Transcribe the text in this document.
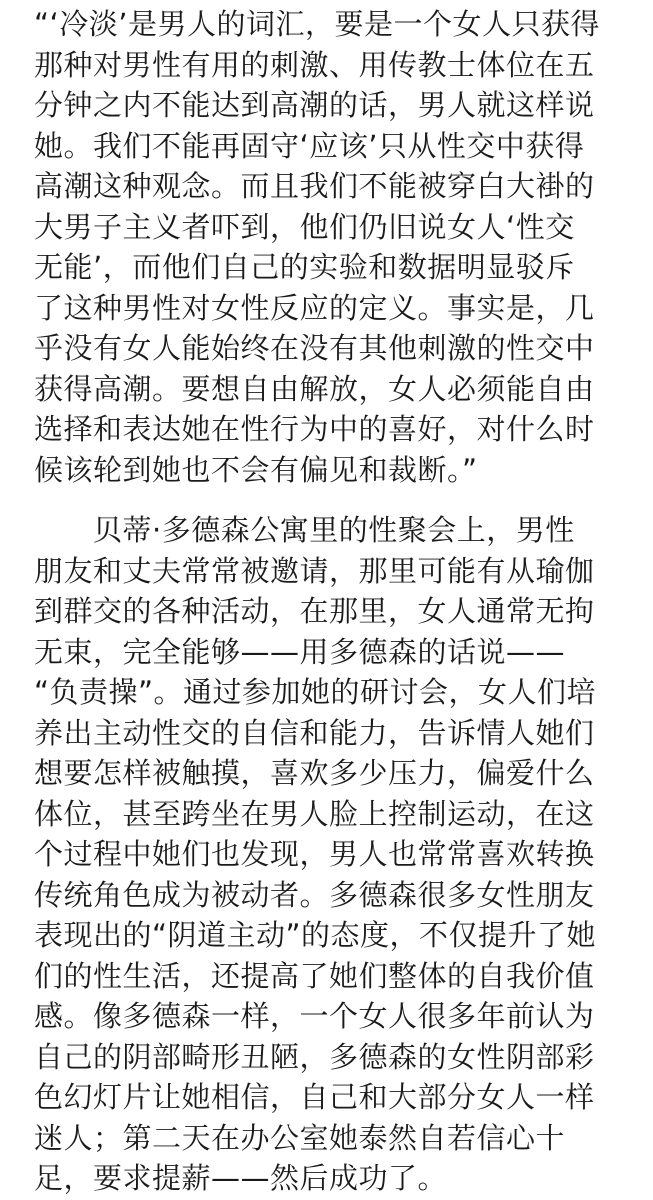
“‘冷淡’是男人的词汇，要是一个女人只获得
那种对男性有用的刺激、用传教士体位在五
分钟之内不能达到高潮的话，男人就这样说
她。我们不能再固守‘应该’只从性交中获得
高潮这种观念。而且我们不能被穿白大褂的
大男子主义者吓到，他们仍旧说女人‘性交
无能’，而他们自己的实验和数据明显驳斥
了这种男性对女性反应的定义。事实是，几
乎没有女人能始终在没有其他刺激的性交中
获得高潮。要想自由解放，女人必须能自由
选择和表达她在性行为中的喜好，对什么时
候该轮到她也不会有偏见和裁断。”
　　贝蒂·多德森公寓里的性聚会上，男性
朋友和丈夫常常被邀请，那里可能有从瑜伽
到群交的各种活动，在那里，女人通常无拘
无束，完全能够——用多德森的话说——
“负责操”。通过参加她的研讨会，女人们培
养出主动性交的自信和能力，告诉情人她们
想要怎样被触摸，喜欢多少压力，偏爱什么
体位，甚至跨坐在男人脸上控制运动，在这
个过程中她们也发现，男人也常常喜欢转换
传统角色成为被动者。多德森很多女性朋友
表现出的“阴道主动”的态度，不仅提升了她
们的性生活，还提高了她们整体的自我价值
感。像多德森一样，一个女人很多年前认为
自己的阴部畸形丑陋，多德森的女性阴部彩
色幻灯片让她相信，自己和大部分女人一样
迷人；第二天在办公室她泰然自若信心十
足，要求提薪——然后成功了。
